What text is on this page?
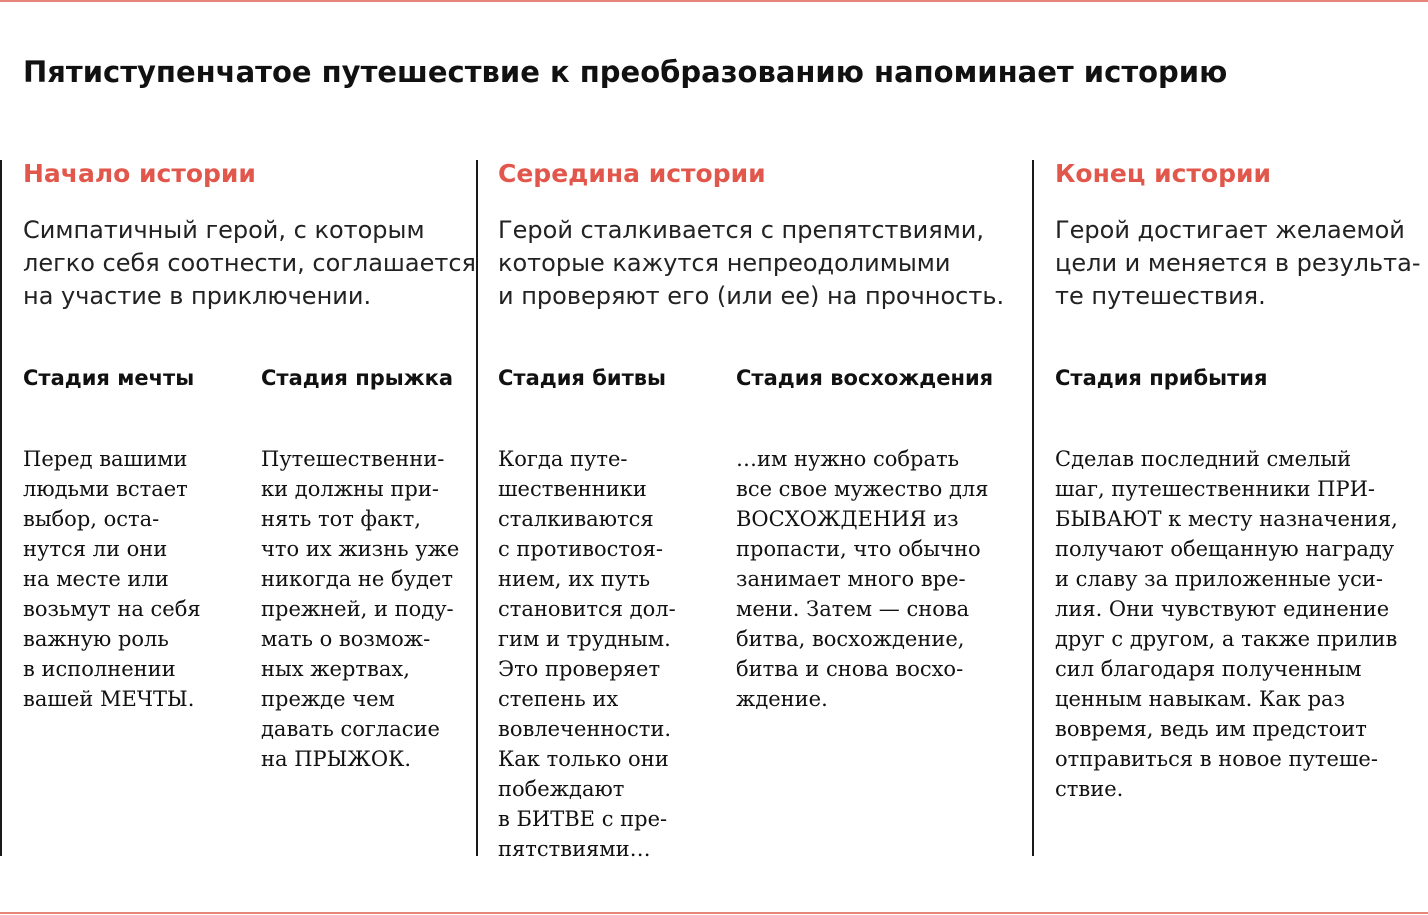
Пятиступенчатое путешествие к преобразованию напоминает историю
Начало истории

Симпатичный герой, с которым
легко себя соотнести, соглашается
на участие в приключении.

Стадия мечты

Перед вашими
людьми встает
выбор, оста-
нутся ли они
на месте или
возьмут на себя
важную роль
в исполнении
вашей МЕЧТЫ.

Стадия прыжка

Путешественни-
ки должны при-
нять тот факт,
что их жизнь уже
никогда не будет
прежней, и поду-
мать о возмож-
ных жертвах,
прежде чем
давать согласие
на ПРЫЖОК.

Середина истории

Герой сталкивается с препятствиями,
которые кажутся непреодолимыми
и проверяют его (или ее) на прочность.

Стадия битвы

Когда путе-
шественники
сталкиваются
с противостоя-
нием, их путь
становится дол-
гим и трудным.
Это проверяет
степень их
вовлеченности.
Как только они
побеждают
в БИТВЕ с пре-
пятствиями…

Стадия восхождения

…им нужно собрать
все свое мужество для
ВОСХОЖДЕНИЯ из
пропасти, что обычно
занимает много вре-
мени. Затем — снова
битва, восхождение,
битва и снова восхо-
ждение.

Конец истории

Герой достигает желаемой
цели и меняется в результа-
те путешествия.

Стадия прибытия

Сделав последний смелый
шаг, путешественники ПРИ-
БЫВАЮТ к месту назначения,
получают обещанную награду
и славу за приложенные уси-
лия. Они чувствуют единение
друг с другом, а также прилив
сил благодаря полученным
ценным навыкам. Как раз
вовремя, ведь им предстоит
отправиться в новое путеше-
ствие.
